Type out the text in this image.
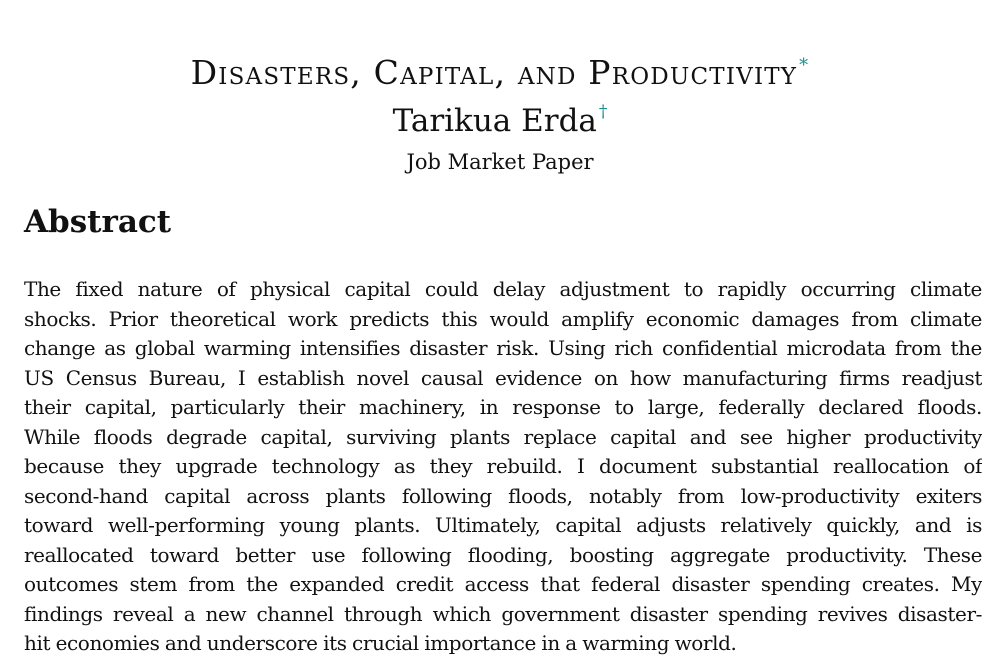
Disasters, Capital, and Productivity *
Tarikua Erda †
Job Market Paper
Abstract
The fixed nature of physical capital could delay adjustment to rapidly occurring climate
shocks. Prior theoretical work predicts this would amplify economic damages from climate
change as global warming intensifies disaster risk. Using rich confidential microdata from the
US Census Bureau, I establish novel causal evidence on how manufacturing firms readjust
their capital, particularly their machinery, in response to large, federally declared floods.
While floods degrade capital, surviving plants replace capital and see higher productivity
because they upgrade technology as they rebuild. I document substantial reallocation of
second-hand capital across plants following floods, notably from low-productivity exiters
toward well-performing young plants. Ultimately, capital adjusts relatively quickly, and is
reallocated toward better use following flooding, boosting aggregate productivity. These
outcomes stem from the expanded credit access that federal disaster spending creates. My
findings reveal a new channel through which government disaster spending revives disaster-
hit economies and underscore its crucial importance in a warming world.
